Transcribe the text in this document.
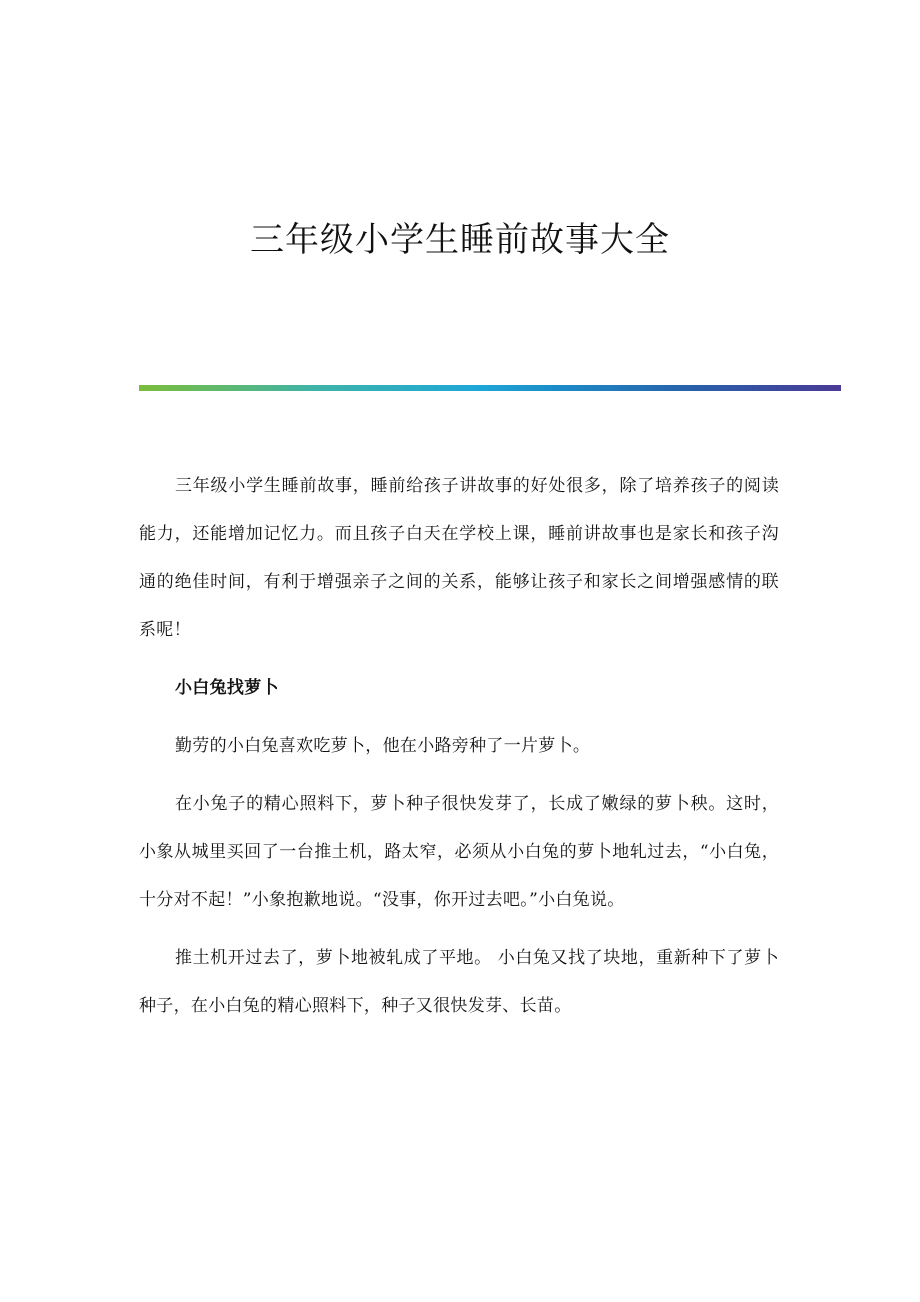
三年级小学生睡前故事大全

三年级小学生睡前故事，睡前给孩子讲故事的好处很多，除了培养孩子的阅读能力，还能增加记忆力。而且孩子白天在学校上课，睡前讲故事也是家长和孩子沟通的绝佳时间，有利于增强亲子之间的关系，能够让孩子和家长之间增强感情的联系呢！

小白兔找萝卜

勤劳的小白兔喜欢吃萝卜，他在小路旁种了一片萝卜。

在小兔子的精心照料下，萝卜种子很快发芽了，长成了嫩绿的萝卜秧。这时，小象从城里买回了一台推土机，路太窄，必须从小白兔的萝卜地轧过去，“小白兔，十分对不起！”小象抱歉地说。“没事，你开过去吧。”小白兔说。

推土机开过去了，萝卜地被轧成了平地。 小白兔又找了块地，重新种下了萝卜种子，在小白兔的精心照料下，种子又很快发芽、长苗。
